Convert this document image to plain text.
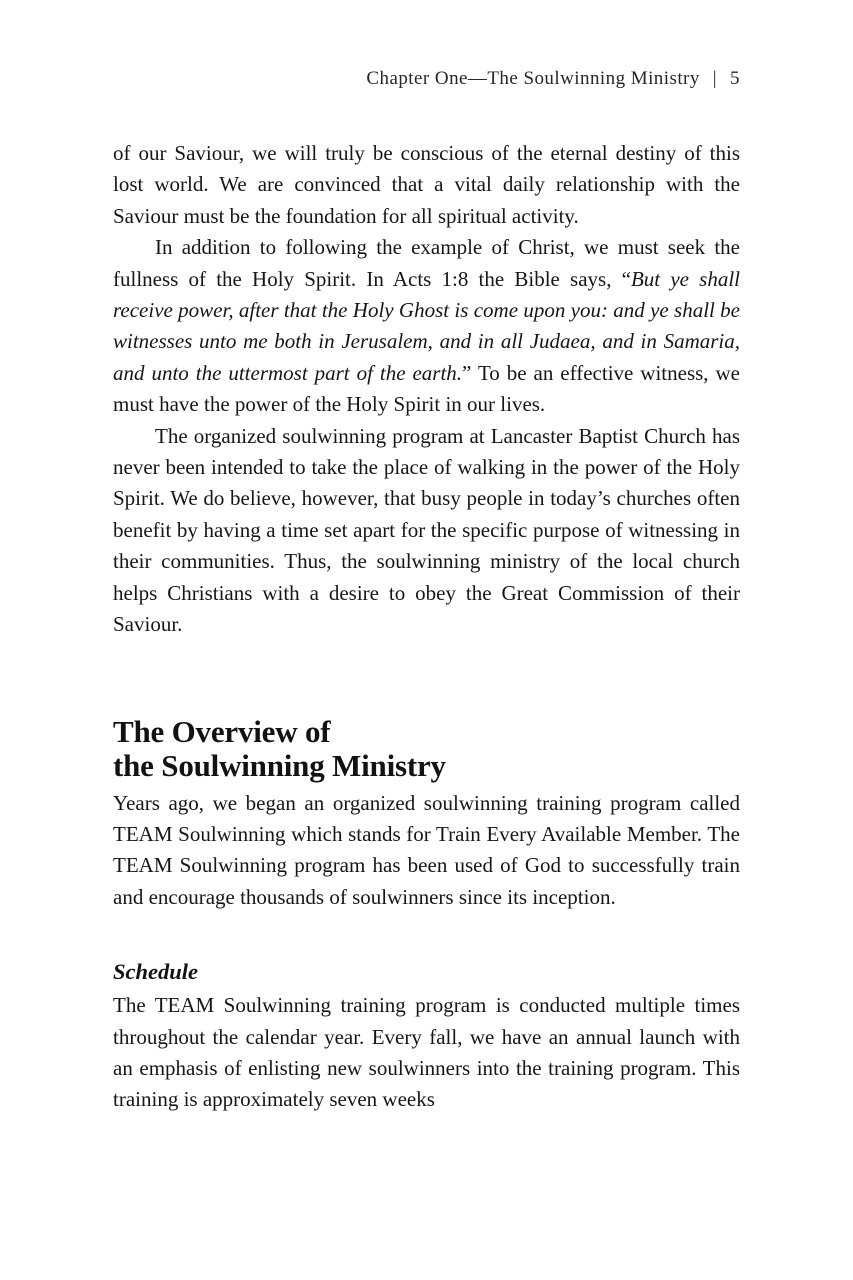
Chapter One—The Soulwinning Ministry | 5

of our Saviour, we will truly be conscious of the eternal destiny of this lost world. We are convinced that a vital daily relationship with the Saviour must be the foundation for all spiritual activity.

In addition to following the example of Christ, we must seek the fullness of the Holy Spirit. In Acts 1:8 the Bible says, “But ye shall receive power, after that the Holy Ghost is come upon you: and ye shall be witnesses unto me both in Jerusalem, and in all Judaea, and in Samaria, and unto the uttermost part of the earth.” To be an effective witness, we must have the power of the Holy Spirit in our lives.

The organized soulwinning program at Lancaster Baptist Church has never been intended to take the place of walking in the power of the Holy Spirit. We do believe, however, that busy people in today’s churches often benefit by having a time set apart for the specific purpose of witnessing in their communities. Thus, the soulwinning ministry of the local church helps Christians with a desire to obey the Great Commission of their Saviour.

The Overview of
the Soulwinning Ministry

Years ago, we began an organized soulwinning training program called TEAM Soulwinning which stands for Train Every Available Member. The TEAM Soulwinning program has been used of God to successfully train and encourage thousands of soulwinners since its inception.

Schedule

The TEAM Soulwinning training program is conducted multiple times throughout the calendar year. Every fall, we have an annual launch with an emphasis of enlisting new soulwinners into the training program. This training is approximately seven weeks
